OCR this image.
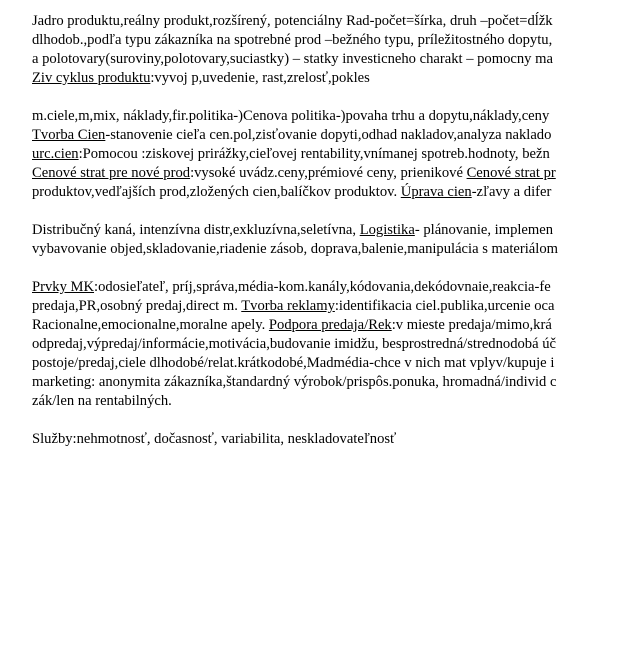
Jadro produktu,reálny produkt,rozšírený, potenciálny Rad-počet=šírka, druh –počet=dĺžk
dlhodob.,podľa typu zákazníka na spotrebné prod –bežného typu, príležitostného dopytu,
a polotovary(suroviny,polotovary,suciastky) – statky investicneho charakt – pomocny ma
Ziv cyklus produktu:vyvoj p,uvedenie, rast,zrelosť,pokles
m.ciele,m,mix, náklady,fir.politika-)Cenova politika-)povaha trhu a dopytu,náklady,ceny
Tvorba Cien-stanovenie cieľa cen.pol,zisťovanie dopyti,odhad nakladov,analyza naklado
urc.cien:Pomocou :ziskovej prirážky,cieľovej rentability,vnímanej spotreb.hodnoty, bežn
Cenové strat pre nové prod:vysoké uvádz.ceny,prémiové ceny, prienikové Cenové strat pr
produktov,vedľajších prod,zložených cien,balíčkov produktov. Úprava cien-zľavy a difer
Distribučný kaná, intenzívna distr,exkluzívna,seletívna, Logistika- plánovanie, implemen
vybavovanie objed,skladovanie,riadenie zásob, doprava,balenie,manipulácia s materiálom
Prvky MK:odosieľateľ, príj,správa,média-kom.kanály,kódovania,dekódovnaie,reakcia-fe
predaja,PR,osobný predaj,direct m. Tvorba reklamy:identifikacia ciel.publika,urcenie oca
Racionalne,emocionalne,moralne apely. Podpora predaja/Rek:v mieste predaja/mimo,krá
odpredaj,výpredaj/informácie,motivácia,budovanie imidžu, besprostredná/strednodobá úč
postoje/predaj,ciele dlhodobé/relat.krátkodobé,Madmédia-chce v nich mat vplyv/kupuje i
marketing: anonymita zákazníka,štandardný výrobok/prispôs.ponuka, hromadná/individ c
zák/len na rentabilných.
Služby:nehmotnosť, dočasnosť, variabilita, neskladovateľnosť
